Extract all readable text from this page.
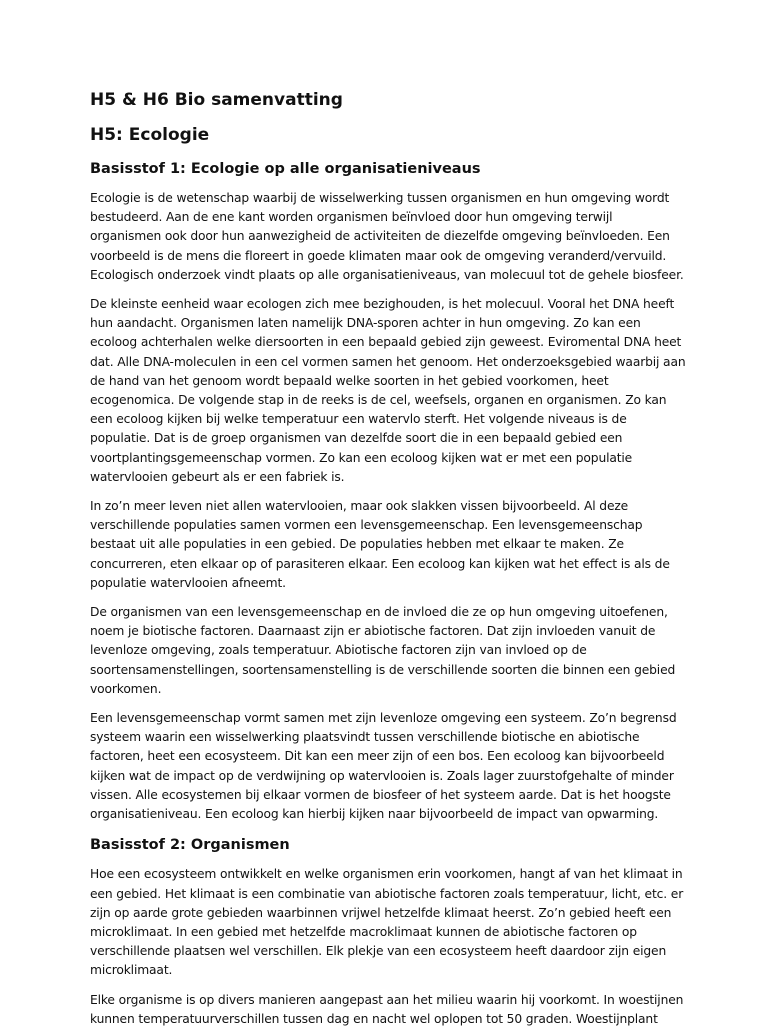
H5 & H6 Bio samenvatting
H5: Ecologie
Basisstof 1: Ecologie op alle organisatieniveaus

Ecologie is de wetenschap waarbij de wisselwerking tussen organismen en hun omgeving wordt bestudeerd. Aan de ene kant worden organismen beïnvloed door hun omgeving terwijl organismen ook door hun aanwezigheid de activiteiten de diezelfde omgeving beïnvloeden. Een voorbeeld is de mens die floreert in goede klimaten maar ook de omgeving veranderd/vervuild. Ecologisch onderzoek vindt plaats op alle organisatieniveaus, van molecuul tot de gehele biosfeer.

De kleinste eenheid waar ecologen zich mee bezighouden, is het molecuul. Vooral het DNA heeft hun aandacht. Organismen laten namelijk DNA-sporen achter in hun omgeving. Zo kan een ecoloog achterhalen welke diersoorten in een bepaald gebied zijn geweest. Eviromental DNA heet dat. Alle DNA-moleculen in een cel vormen samen het genoom. Het onderzoeksgebied waarbij aan de hand van het genoom wordt bepaald welke soorten in het gebied voorkomen, heet ecogenomica. De volgende stap in de reeks is de cel, weefsels, organen en organismen. Zo kan een ecoloog kijken bij welke temperatuur een watervlo sterft. Het volgende niveaus is de populatie. Dat is de groep organismen van dezelfde soort die in een bepaald gebied een voortplantingsgemeenschap vormen. Zo kan een ecoloog kijken wat er met een populatie watervlooien gebeurt als er een fabriek is.

In zo’n meer leven niet allen watervlooien, maar ook slakken vissen bijvoorbeeld. Al deze verschillende populaties samen vormen een levensgemeenschap. Een levensgemeenschap bestaat uit alle populaties in een gebied. De populaties hebben met elkaar te maken. Ze concurreren, eten elkaar op of parasiteren elkaar. Een ecoloog kan kijken wat het effect is als de populatie watervlooien afneemt.

De organismen van een levensgemeenschap en de invloed die ze op hun omgeving uitoefenen, noem je biotische factoren. Daarnaast zijn er abiotische factoren. Dat zijn invloeden vanuit de levenloze omgeving, zoals temperatuur. Abiotische factoren zijn van invloed op de soortensamenstellingen, soortensamenstelling is de verschillende soorten die binnen een gebied voorkomen.

Een levensgemeenschap vormt samen met zijn levenloze omgeving een systeem. Zo’n begrensd systeem waarin een wisselwerking plaatsvindt tussen verschillende biotische en abiotische factoren, heet een ecosysteem. Dit kan een meer zijn of een bos. Een ecoloog kan bijvoorbeeld kijken wat de impact op de verdwijning op watervlooien is. Zoals lager zuurstofgehalte of minder vissen. Alle ecosystemen bij elkaar vormen de biosfeer of het systeem aarde. Dat is het hoogste organisatieniveau. Een ecoloog kan hierbij kijken naar bijvoorbeeld de impact van opwarming.

Basisstof 2: Organismen

Hoe een ecosysteem ontwikkelt en welke organismen erin voorkomen, hangt af van het klimaat in een gebied. Het klimaat is een combinatie van abiotische factoren zoals temperatuur, licht, etc. er zijn op aarde grote gebieden waarbinnen vrijwel hetzelfde klimaat heerst. Zo’n gebied heeft een microklimaat. In een gebied met hetzelfde macroklimaat kunnen de abiotische factoren op verschillende plaatsen wel verschillen. Elk plekje van een ecosysteem heeft daardoor zijn eigen microklimaat.

Elke organisme is op divers manieren aangepast aan het milieu waarin hij voorkomt. In woestijnen kunnen temperatuurverschillen tussen dag en nacht wel oplopen tot 50 graden. Woestijnplant
